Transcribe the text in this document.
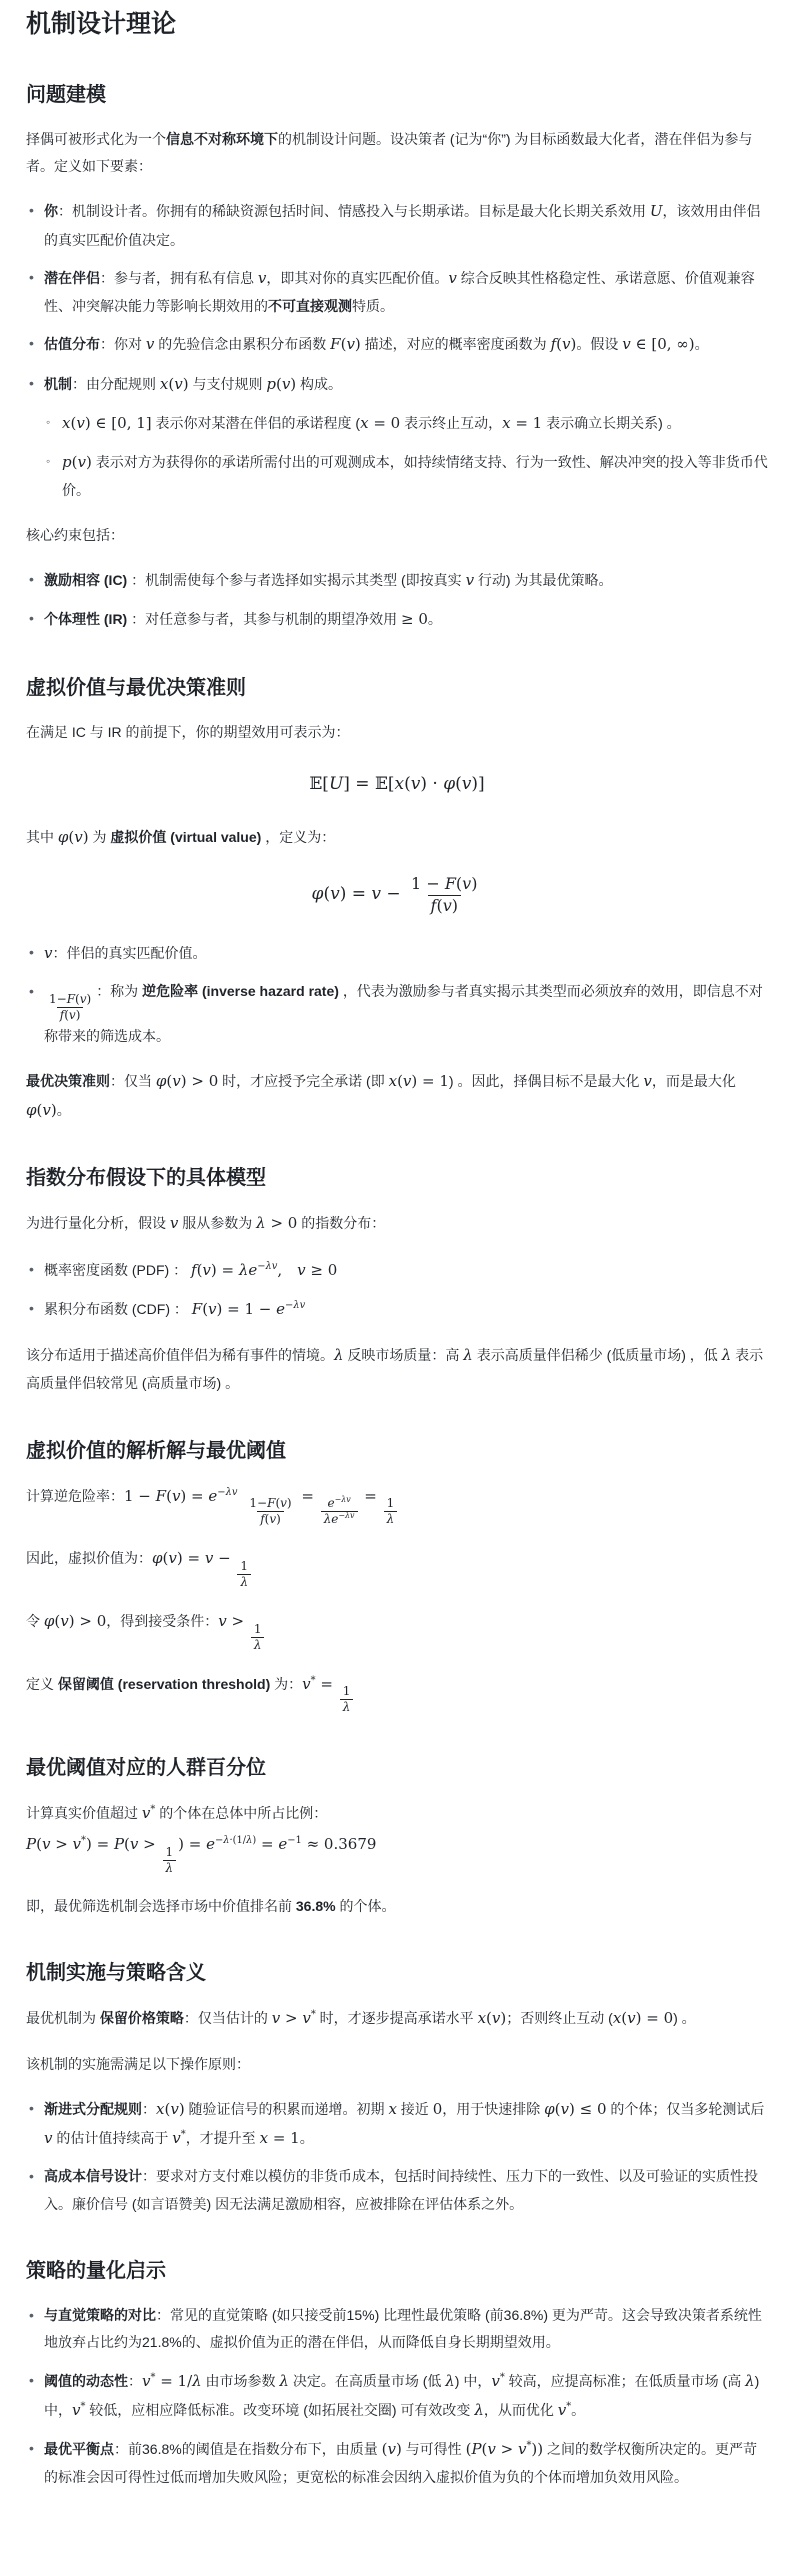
机制设计理论
问题建模

择偶可被形式化为一个信息不对称环境下的机制设计问题。设决策者 (记为“你”) 为目标函数最大化者，潜在伴侣为参与者。定义如下要素：

• 你：机制设计者。你拥有的稀缺资源包括时间、情感投入与长期承诺。目标是最大化长期关系效用 U，该效用由伴侣的真实匹配价值决定。
• 潜在伴侣：参与者，拥有私有信息 v，即其对你的真实匹配价值。v 综合反映其性格稳定性、承诺意愿、价值观兼容性、冲突解决能力等影响长期效用的不可直接观测特质。
• 估值分布：你对 v 的先验信念由累积分布函数 F(v) 描述，对应的概率密度函数为 f(v)。假设 v ∈ [0, ∞)。
• 机制：由分配规则 x(v) 与支付规则 p(v) 构成。
◦ x(v) ∈ [0, 1] 表示你对某潜在伴侣的承诺程度 (x = 0 表示终止互动，x = 1 表示确立长期关系) 。
◦ p(v) 表示对方为获得你的承诺所需付出的可观测成本，如持续情绪支持、行为一致性、解决冲突的投入等非货币代价。

核心约束包括：

• 激励相容 (IC) ：机制需使每个参与者选择如实揭示其类型 (即按真实 v 行动) 为其最优策略。
• 个体理性 (IR) ：对任意参与者，其参与机制的期望净效用 ≥ 0。
虚拟价值与最优决策准则

在满足 IC 与 IR 的前提下，你的期望效用可表示为：

𝔼[U] = 𝔼[x(v) · φ(v)]

其中 φ(v) 为 虚拟价值 (virtual value) ，定义为：

$\varphi(v) = v - \frac{1 - F(v)}{f(v)}$
• v：伴侣的真实匹配价值。
• $\frac{1-F(v)}{f(v)}$
：称为 逆危险率 (inverse hazard rate) ，代表为激励参与者真实揭示其类型而必须放弃的效用，即信息不对称带来的筛选成本。

最优决策准则：仅当 φ(v) > 0 时，才应授予完全承诺 (即 x(v) = 1) 。因此，择偶目标不是最大化 v，而是最大化 φ(v)。

指数分布假设下的具体模型

为进行量化分析，假设 v 服从参数为 λ > 0 的指数分布：

• 概率密度函数 (PDF) ： $f(v) = \lambda e^{-\lambda v}$, v ≥ 0
• 累积分布函数 (CDF) ： $F(v) = 1 - e^{-\lambda v}$

该分布适用于描述高价值伴侣为稀有事件的情境。λ 反映市场质量：高 λ 表示高质量伴侣稀少 (低质量市场) ，低 λ 表示高质量伴侣较常见 (高质量市场) 。

虚拟价值的解析解与最优阈值

计算逆危险率：$1 - F(v) = e^{-\lambda v}$ 
$\frac{1-F(v)}{f(v)}$
=
$\frac{e^{-\lambda v}}{\lambda e^{-\lambda v}}$
=
$\frac{1}{\lambda}$

因此，虚拟价值为：φ(v) = v −
$\frac{1}{\lambda}$

令 φ(v) > 0，得到接受条件：v >
$\frac{1}{\lambda}$

定义 保留阈值 (reservation threshold) 为：v* =
$\frac{1}{\lambda}$

最优阈值对应的人群百分位

计算真实价值超过 v* 的个体在总体中所占比例：

P(v > v*) = P(v >
$\frac{1}{\lambda}$
) = $e^{-\lambda\cdot(1/\lambda)} = e^{-1} \approx 0.3679$

即，最优筛选机制会选择市场中价值排名前 36.8% 的个体。

机制实施与策略含义

最优机制为 保留价格策略：仅当估计的 v > v* 时，才逐步提高承诺水平 x(v)；否则终止互动 (x(v) = 0) 。

该机制的实施需满足以下操作原则：

• 渐进式分配规则：x(v) 随验证信号的积累而递增。初期 x 接近 0，用于快速排除 φ(v) ≤ 0 的个体；仅当多轮测试后 v 的估计值持续高于 v*，才提升至 x = 1。
• 高成本信号设计：要求对方支付难以模仿的非货币成本，包括时间持续性、压力下的一致性、以及可验证的实质性投入。廉价信号 (如言语赞美) 因无法满足激励相容，应被排除在评估体系之外。
策略的量化启示
• 与直觉策略的对比：常见的直觉策略 (如只接受前15%) 比理性最优策略 (前36.8%) 更为严苛。这会导致决策者系统性地放弃占比约为21.8%的、虚拟价值为正的潜在伴侣，从而降低自身长期期望效用。
• 阈值的动态性：v* = 1/λ 由市场参数 λ 决定。在高质量市场 (低 λ) 中，v* 较高，应提高标准；在低质量市场 (高 λ) 中，v* 较低，应相应降低标准。改变环境 (如拓展社交圈) 可有效改变 λ，从而优化 v*。
• 最优平衡点：前36.8%的阈值是在指数分布下，由质量 (v) 与可得性 (P(v > v*)) 之间的数学权衡所决定的。更严苛的标准会因可得性过低而增加失败风险；更宽松的标准会因纳入虚拟价值为负的个体而增加负效用风险。
